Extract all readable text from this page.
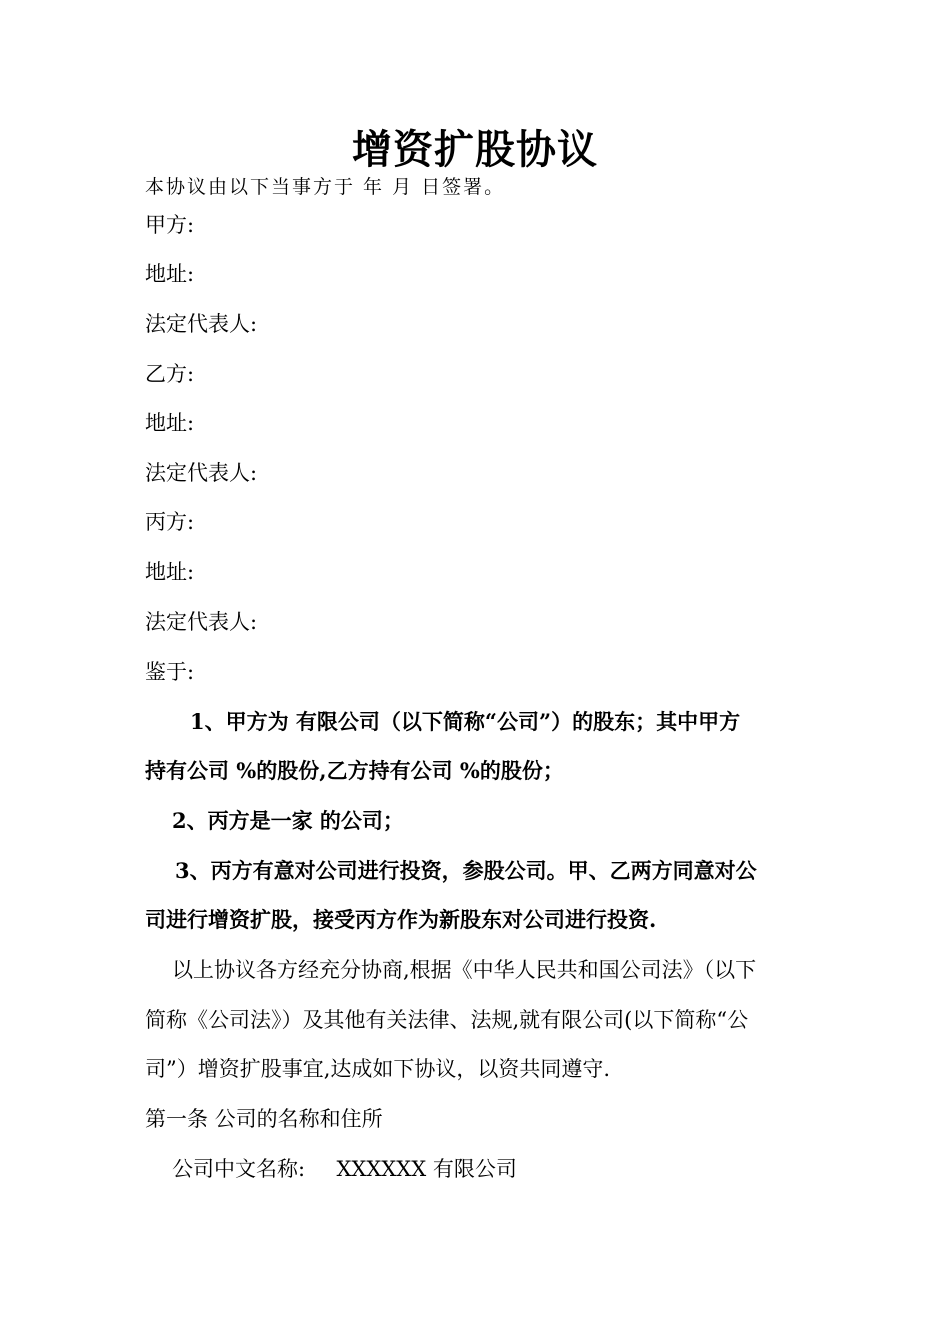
增资扩股协议
本协议由以下当事方于 年 月 日签署。
甲方:
地址:
法定代表人:
乙方:
地址:
法定代表人:
丙方:
地址:
法定代表人:
鉴于:
1、甲方为 有限公司（以下简称“公司”）的股东；其中甲方
持有公司 %的股份,乙方持有公司 %的股份；
2、丙方是一家 的公司；
3、丙方有意对公司进行投资，参股公司。甲、乙两方同意对公
司进行增资扩股，接受丙方作为新股东对公司进行投资.
以上协议各方经充分协商,根据《中华人民共和国公司法》（以下
简称《公司法》）及其他有关法律、法规,就有限公司(以下简称“公
司”）增资扩股事宜,达成如下协议，以资共同遵守.
第一条 公司的名称和住所
公司中文名称: XXXXXX 有限公司
